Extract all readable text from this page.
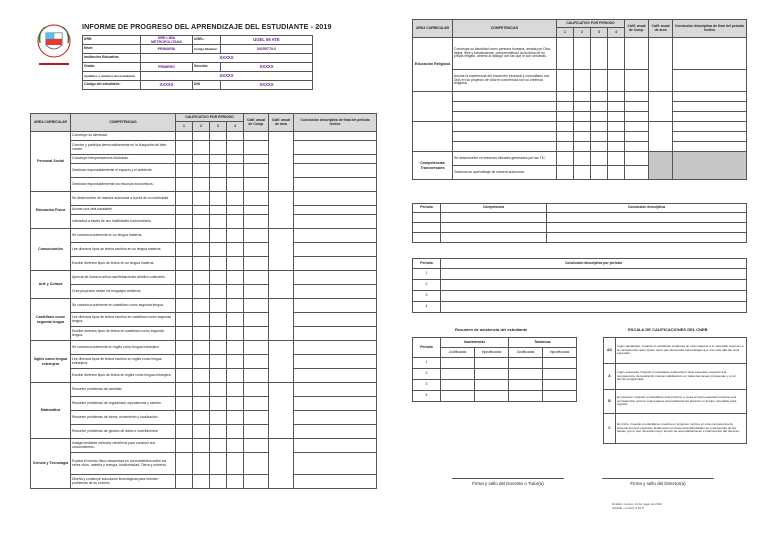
INFORME DE PROGRESO DEL APRENDIZAJE DEL ESTUDIANTE - 2019
DRE:	DRE LIMA METROPOLITANA	UGEL:	UGEL 06 ATE
Nivel:	PRIMARIA	Código Modular:	00255779-0
Institución Educativa:	XXXXX		
Grado:	PRIMERO	Sección:	XXXXX
Apellidos y nombres del estudiante:	XXXXX		
Código del estudiante:	XXXXX	DNI	XXXXX
AREA CURRICULAR	COMPETENCIAS	CALIFICATIVO POR PERIODO				Calif. anual de Comp.	Calif. anual de área	Conclusión descriptiva de final del periodo lectivo
		1	2	3	4			
Personal Social	Construye su identidad.							
	Convive y participa democráticamente en la búsqueda del bien común.							
	Construye interpretaciones históricas.							
	Gestiona responsablemente el espacio y el ambiente.							
	Gestiona responsablemente los recursos económicos.							
Educación Física	Se desenvuelve de manera autónoma a través de su motricidad.							
	Asume una vida saludable.							
	Interactúa a través de sus habilidades sociomotrices.							
Comunicación	Se comunica oralmente en su lengua materna.							
	Lee diversos tipos de textos escritos en su lengua materna.							
	Escribe diversos tipos de textos en su lengua materna.							
Arte y Cultura	Aprecia de manera crítica manifestaciones artístico-culturales.							
	Crea proyectos desde los lenguajes artísticos.							
Castellano como segunda lengua	Se comunica oralmente en castellano como segunda lengua.							
	Lee diversos tipos de textos escritos en castellano como segunda lengua.							
	Escribe diversos tipos de textos en castellano como segunda lengua.							
Inglés como lengua extranjera	Se comunica oralmente en inglés como lengua extranjera.							
	Lee diversos tipos de textos escritos en inglés como lengua extranjera.							
	Escribe diversos tipos de textos en inglés como lengua extranjera.							
Matemática	Resuelve problemas de cantidad.							
	Resuelve problemas de regularidad, equivalencia y cambio.							
	Resuelve problemas de forma, movimiento y localización.							
	Resuelve problemas de gestión de datos e incertidumbre.							
Ciencia y Tecnología	Indaga mediante métodos científicos para construir sus conocimientos.							
	Explica el mundo físico basándose en conocimientos sobre los seres vivos, materia y energía, biodiversidad, Tierra y universo.							
	Diseña y construye soluciones tecnológicas para resolver problemas de su entorno.							
AREA CURRICULAR	COMPETENCIAS	CALIFICATIVO POR PERIODO				Calif. anual de Comp.	Calif. anual de área	Conclusión descriptiva de final del periodo lectivo
		1	2	3	4			
Educación Religiosa	Construye su identidad como persona humana, amada por Dios, digna, libre y trascendente, comprendiendo la doctrina de su propia religión, abierto al diálogo con las que le son cercanas.							
	Asume la experiencia del encuentro personal y comunitario con Dios en su proyecto de vida en coherencia con su creencia religiosa.							

Competencias Transversales	Se desenvuelve en entornos virtuales generados por las TIC.							
	Gestiona su aprendizaje de manera autónoma.							
Periodo	Competencia	Conclusión descriptiva

Periodo	Conclusión descriptiva por periodo
1	
2	
3	
4	
Resumen de asistencia del estudiante
Periodo	Inasistencias		Tardanzas	
	Justificadas	Injustificadas	Justificadas	Injustificadas
1				
2				
3				
4				
ESCALA DE CALIFICACIONES DEL CNEB
AD	Logro destacado. Cuando el estudiante evidencia un nivel superior a lo esperado respecto a la competencia. Esto quiere decir que demuestra aprendizajes que van más allá del nivel esperado.
A	Logro esperado. Cuando el estudiante evidencia el nivel esperado respecto a la competencia, demostrando manejo satisfactorio en todas las tareas propuestas y en el tiempo programado.
B	En proceso. Cuando el estudiante está próximo o cerca al nivel esperado respecto a la competencia, para lo cual requiere acompañamiento durante un tiempo razonable para lograrlo.
C	En inicio. Cuando el estudiante muestra un progreso mínimo en una competencia de acuerdo al nivel esperado. Evidencia con frecuencia dificultades en el desarrollo de las tareas, por lo que necesita mayor tiempo de acompañamiento e intervención del docente.
Firma y sello del Docente o Tutor(a)	Firma y sello del Director(a)
Emitido: martes, 14 de mayo de 2019
SIAGIE - versión 3.16.0
